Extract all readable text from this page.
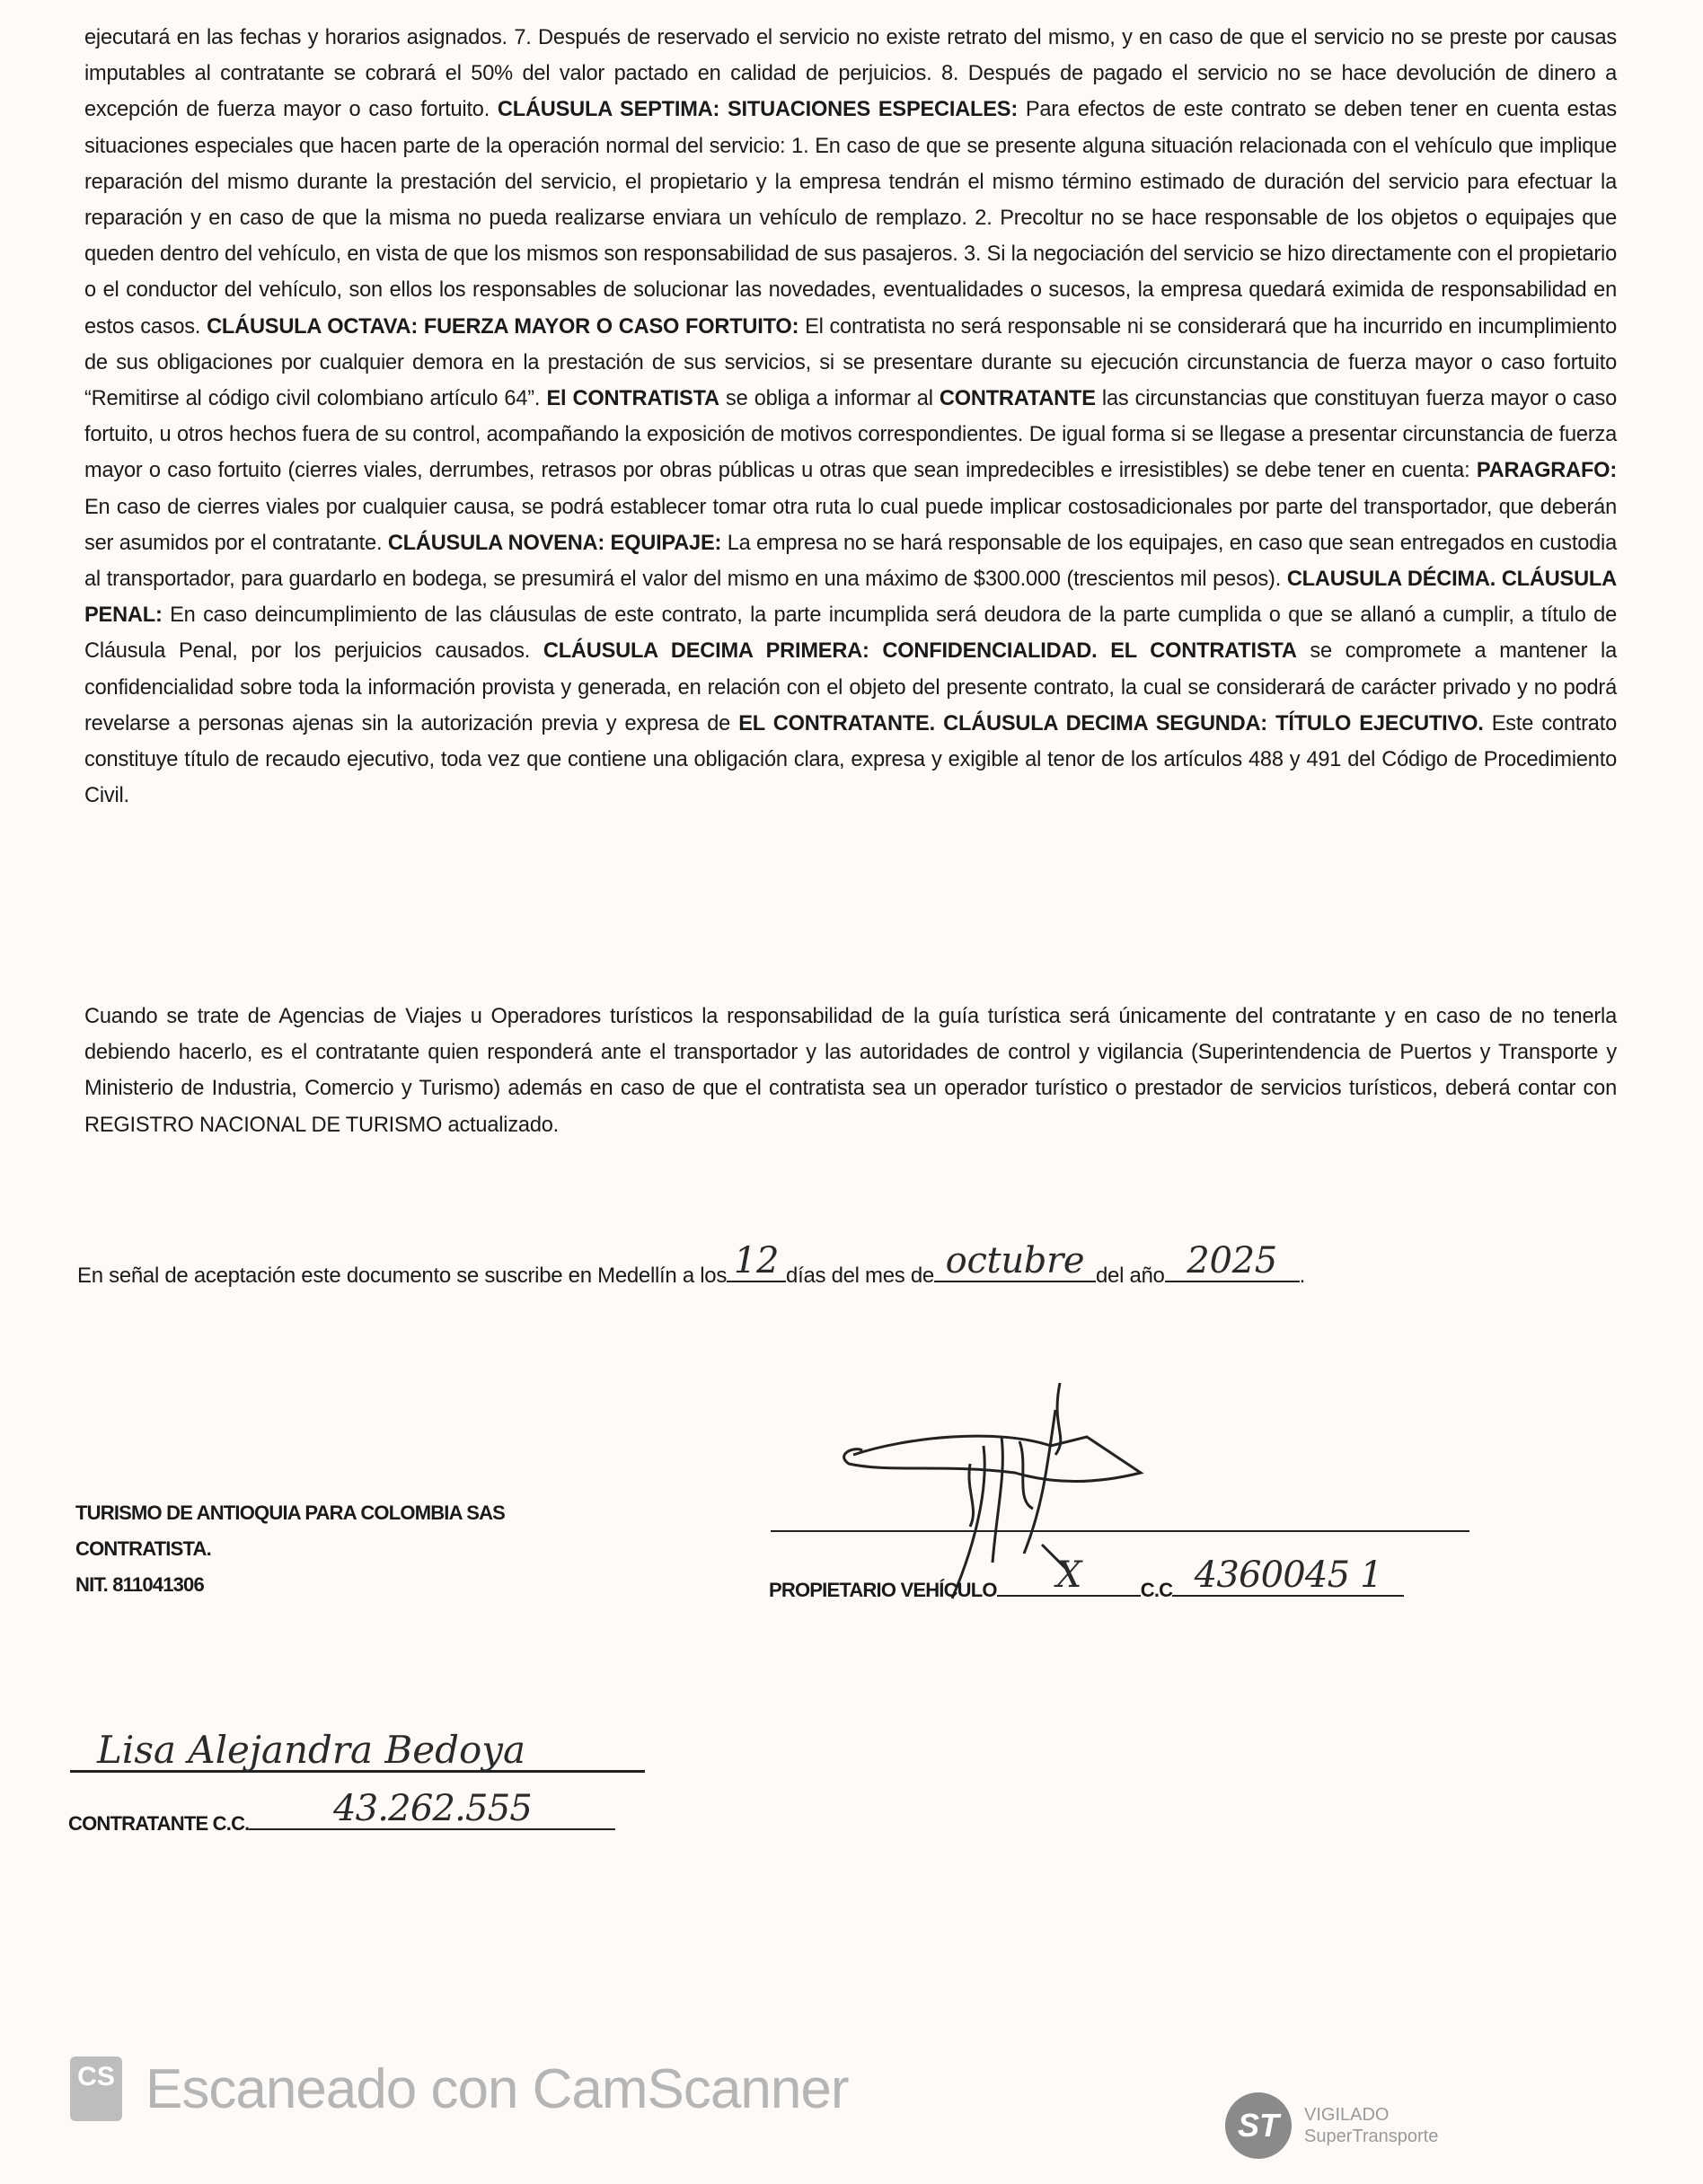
ejecutará en las fechas y horarios asignados. 7. Después de reservado el servicio no existe retrato del mismo, y en caso de que el servicio no se preste por causas imputables al contratante se cobrará el 50% del valor pactado en calidad de perjuicios. 8. Después de pagado el servicio no se hace devolución de dinero a excepción de fuerza mayor o caso fortuito. CLÁUSULA SEPTIMA: SITUACIONES ESPECIALES: Para efectos de este contrato se deben tener en cuenta estas situaciones especiales que hacen parte de la operación normal del servicio: 1. En caso de que se presente alguna situación relacionada con el vehículo que implique reparación del mismo durante la prestación del servicio, el propietario y la empresa tendrán el mismo término estimado de duración del servicio para efectuar la reparación y en caso de que la misma no pueda realizarse enviara un vehículo de remplazo. 2. Precoltur no se hace responsable de los objetos o equipajes que queden dentro del vehículo, en vista de que los mismos son responsabilidad de sus pasajeros. 3. Si la negociación del servicio se hizo directamente con el propietario o el conductor del vehículo, son ellos los responsables de solucionar las novedades, eventualidades o sucesos, la empresa quedará eximida de responsabilidad en estos casos. CLÁUSULA OCTAVA: FUERZA MAYOR O CASO FORTUITO: El contratista no será responsable ni se considerará que ha incurrido en incumplimiento de sus obligaciones por cualquier demora en la prestación de sus servicios, si se presentare durante su ejecución circunstancia de fuerza mayor o caso fortuito “Remitirse al código civil colombiano artículo 64”. El CONTRATISTA se obliga a informar al CONTRATANTE las circunstancias que constituyan fuerza mayor o caso fortuito, u otros hechos fuera de su control, acompañando la exposición de motivos correspondientes. De igual forma si se llegase a presentar circunstancia de fuerza mayor o caso fortuito (cierres viales, derrumbes, retrasos por obras públicas u otras que sean impredecibles e irresistibles) se debe tener en cuenta: PARAGRAFO: En caso de cierres viales por cualquier causa, se podrá establecer tomar otra ruta lo cual puede implicar costosadicionales por parte del transportador, que deberán ser asumidos por el contratante. CLÁUSULA NOVENA: EQUIPAJE: La empresa no se hará responsable de los equipajes, en caso que sean entregados en custodia al transportador, para guardarlo en bodega, se presumirá el valor del mismo en una máximo de $300.000 (trescientos mil pesos). CLAUSULA DÉCIMA. CLÁUSULA PENAL: En caso deincumplimiento de las cláusulas de este contrato, la parte incumplida será deudora de la parte cumplida o que se allanó a cumplir, a título de Cláusula Penal, por los perjuicios causados. CLÁUSULA DECIMA PRIMERA: CONFIDENCIALIDAD. EL CONTRATISTA se compromete a mantener la confidencialidad sobre toda la información provista y generada, en relación con el objeto del presente contrato, la cual se considerará de carácter privado y no podrá revelarse a personas ajenas sin la autorización previa y expresa de EL CONTRATANTE. CLÁUSULA DECIMA SEGUNDA: TÍTULO EJECUTIVO. Este contrato constituye título de recaudo ejecutivo, toda vez que contiene una obligación clara, expresa y exigible al tenor de los artículos 488 y 491 del Código de Procedimiento Civil.
Cuando se trate de Agencias de Viajes u Operadores turísticos la responsabilidad de la guía turística será únicamente del contratante y en caso de no tenerla debiendo hacerlo, es el contratante quien responderá ante el transportador y las autoridades de control y vigilancia (Superintendencia de Puertos y Transporte y Ministerio de Industria, Comercio y Turismo) además en caso de que el contratista sea un operador turístico o prestador de servicios turísticos, deberá contar con REGISTRO NACIONAL DE TURISMO actualizado.
En señal de aceptación este documento se suscribe en Medellín a los 12 días del mes de octubre del año 2025	.
TURISMO DE ANTIOQUIA PARA COLOMBIA SAS
CONTRATISTA.
NIT. 811041306	PROPIETARIO VEHÍCULO	X	C.C 4360045 1
Lisa Alejandra Bedoya
CONTRATANTE C.C.	43.262.555
CS Escaneado con CamScanner
ST	VIGILADO
SuperTransporte
